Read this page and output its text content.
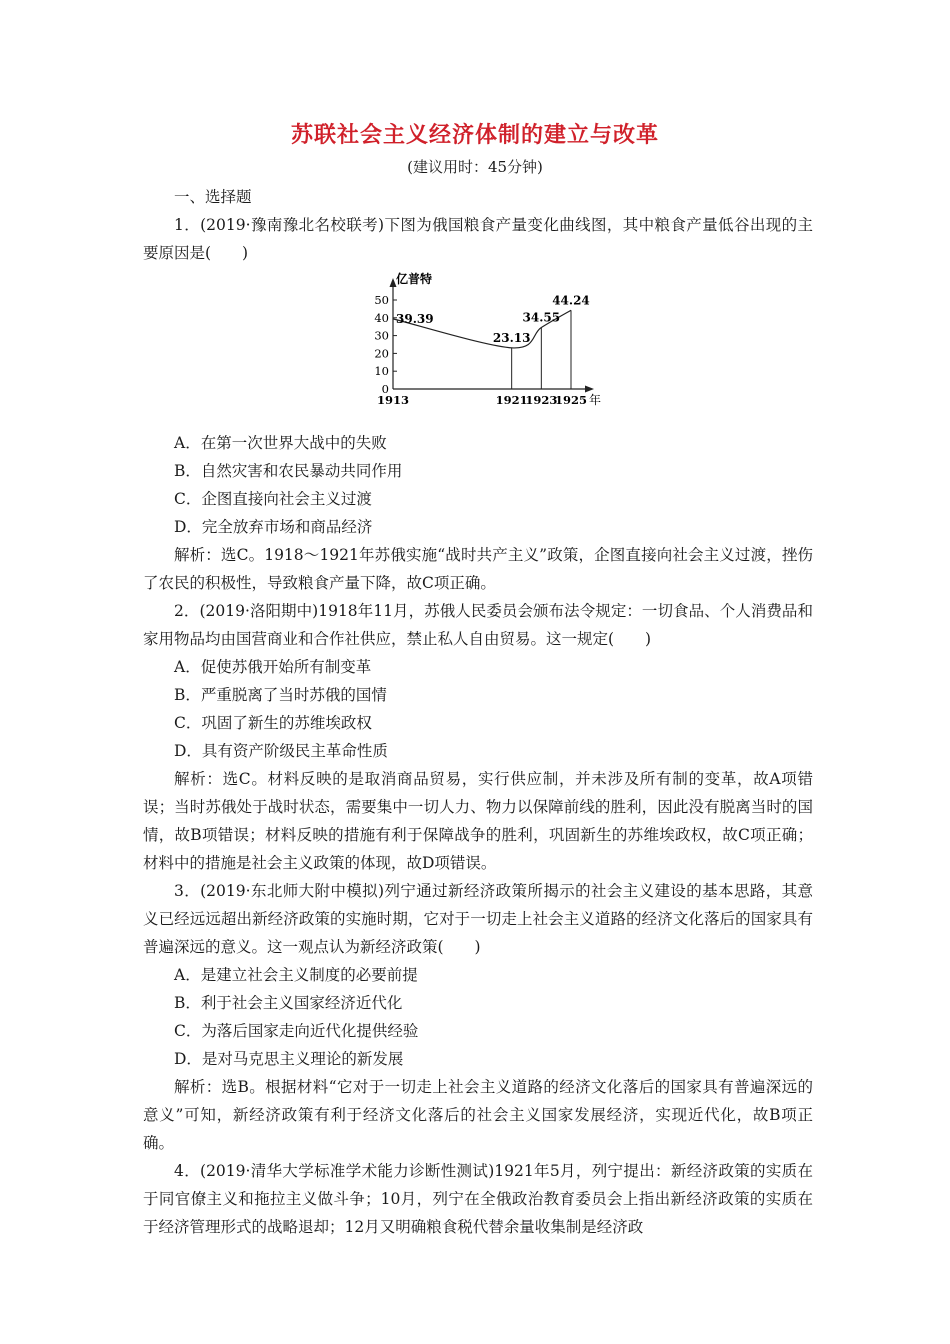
苏联社会主义经济体制的建立与改革
(建议用时：45分钟)

一、选择题

1．(2019·豫南豫北名校联考)下图为俄国粮食产量变化曲线图，其中粮食产量低谷出现的主要原因是(　　)

亿普特
年
0
10
20
30
40
50
1913	1921
1923
1925
39.39
23.13
34.55
44.24

A．在第一次世界大战中的失败

B．自然灾害和农民暴动共同作用

C．企图直接向社会主义过渡

D．完全放弃市场和商品经济

解析：选C。1918～1921年苏俄实施“战时共产主义”政策，企图直接向社会主义过渡，挫伤了农民的积极性，导致粮食产量下降，故C项正确。

2．(2019·洛阳期中)1918年11月，苏俄人民委员会颁布法令规定：一切食品、个人消费品和家用物品均由国营商业和合作社供应，禁止私人自由贸易。这一规定(　　)

A．促使苏俄开始所有制变革

B．严重脱离了当时苏俄的国情

C．巩固了新生的苏维埃政权

D．具有资产阶级民主革命性质

解析：选C。材料反映的是取消商品贸易，实行供应制，并未涉及所有制的变革，故A项错误；当时苏俄处于战时状态，需要集中一切人力、物力以保障前线的胜利，因此没有脱离当时的国情，故B项错误；材料反映的措施有利于保障战争的胜利，巩固新生的苏维埃政权，故C项正确；材料中的措施是社会主义政策的体现，故D项错误。

3．(2019·东北师大附中模拟)列宁通过新经济政策所揭示的社会主义建设的基本思路，其意义已经远远超出新经济政策的实施时期，它对于一切走上社会主义道路的经济文化落后的国家具有普遍深远的意义。这一观点认为新经济政策(　　)

A．是建立社会主义制度的必要前提

B．利于社会主义国家经济近代化

C．为落后国家走向近代化提供经验

D．是对马克思主义理论的新发展

解析：选B。根据材料“它对于一切走上社会主义道路的经济文化落后的国家具有普遍深远的意义”可知，新经济政策有利于经济文化落后的社会主义国家发展经济，实现近代化，故B项正确。

4．(2019·清华大学标准学术能力诊断性测试)1921年5月，列宁提出：新经济政策的实质在于同官僚主义和拖拉主义做斗争；10月，列宁在全俄政治教育委员会上指出新经济政策的实质在于经济管理形式的战略退却；12月又明确粮食税代替余量收集制是经济政
